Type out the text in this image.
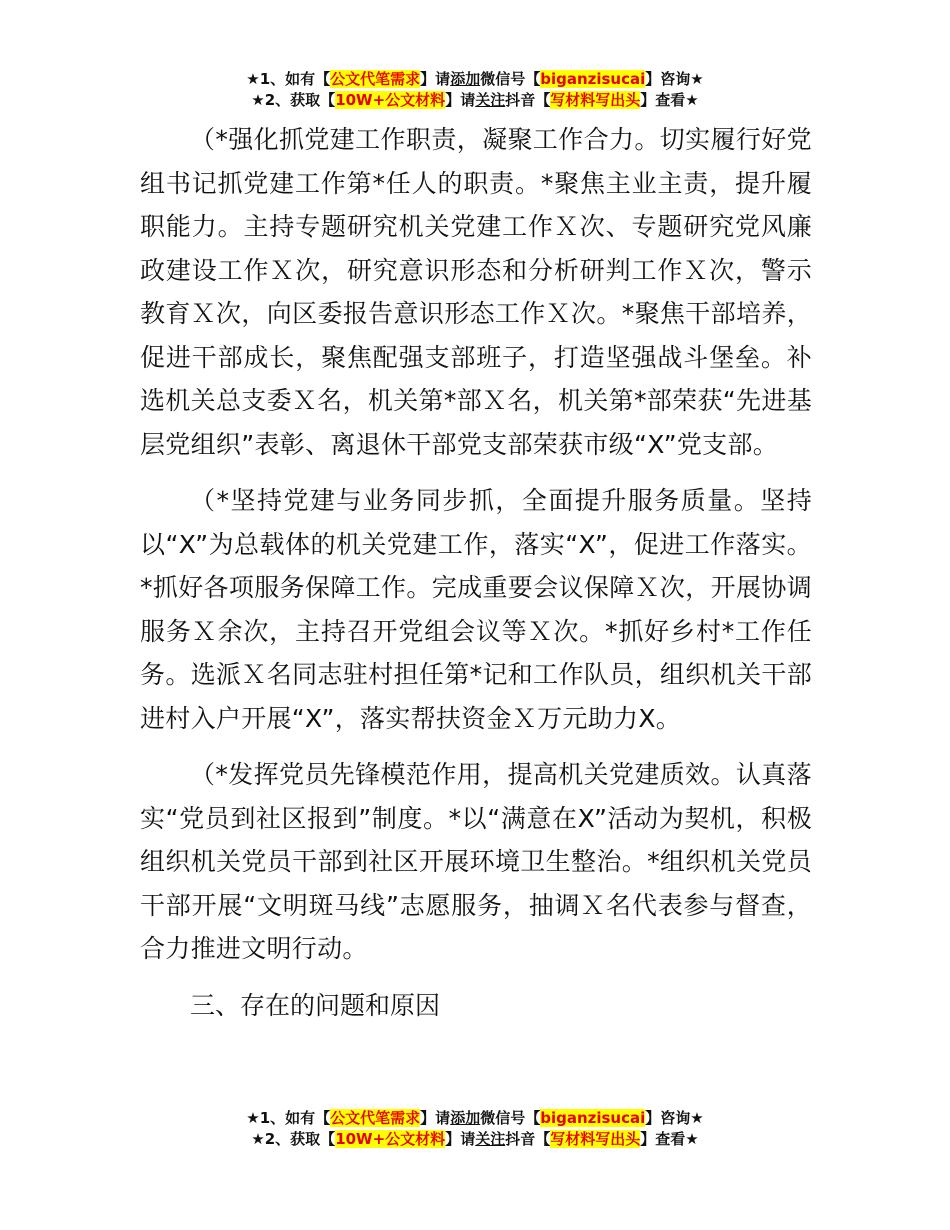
★1、如有【公文代笔需求】请添加微信号【biganzisucai】咨询★
★2、获取【10W+公文材料】请关注抖音【写材料写出头】查看★

（*强化抓党建工作职责，凝聚工作合力。切实履行好党组书记抓党建工作第*任人的职责。*聚焦主业主责，提升履职能力。主持专题研究机关党建工作Ｘ次、专题研究党风廉政建设工作Ｘ次，研究意识形态和分析研判工作Ｘ次，警示教育Ｘ次，向区委报告意识形态工作Ｘ次。*聚焦干部培养，促进干部成长，聚焦配强支部班子，打造坚强战斗堡垒。补选机关总支委Ｘ名，机关第*部Ｘ名，机关第*部荣获“先进基层党组织”表彰、离退休干部党支部荣获市级“X”党支部。

（*坚持党建与业务同步抓，全面提升服务质量。坚持以“X”为总载体的机关党建工作，落实“X”，促进工作落实。*抓好各项服务保障工作。完成重要会议保障Ｘ次，开展协调服务Ｘ余次，主持召开党组会议等Ｘ次。*抓好乡村*工作任务。选派Ｘ名同志驻村担任第*记和工作队员，组织机关干部进村入户开展“X”，落实帮扶资金Ｘ万元助力X。

（*发挥党员先锋模范作用，提高机关党建质效。认真落实“党员到社区报到”制度。*以“满意在X”活动为契机，积极组织机关党员干部到社区开展环境卫生整治。*组织机关党员干部开展“文明斑马线”志愿服务，抽调Ｘ名代表参与督查，合力推进文明行动。

三、存在的问题和原因

★1、如有【公文代笔需求】请添加微信号【biganzisucai】咨询★
★2、获取【10W+公文材料】请关注抖音【写材料写出头】查看★
